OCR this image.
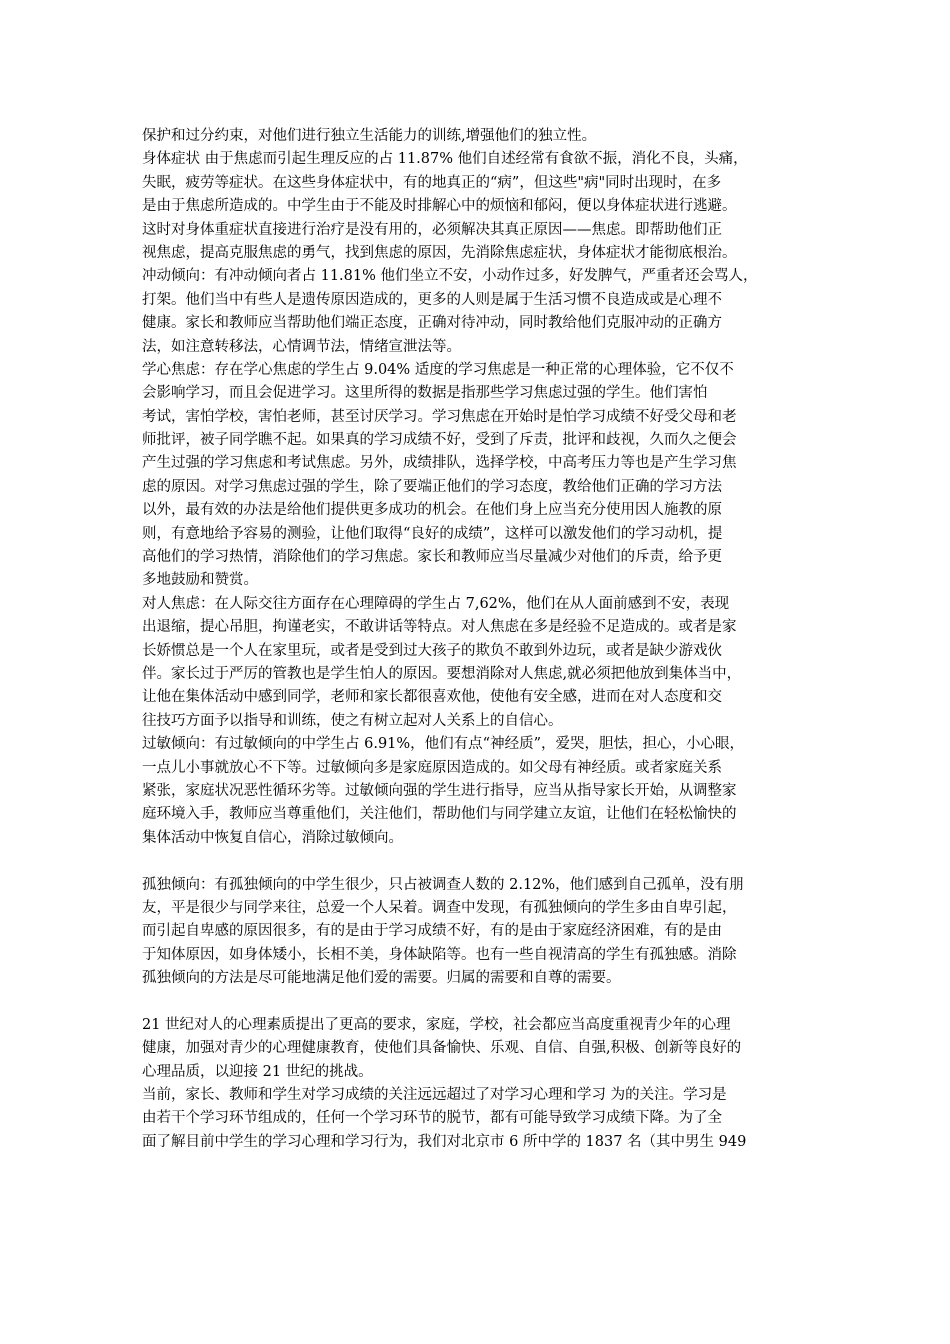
保护和过分约束，对他们进行独立生活能力的训练,增强他们的独立性。
身体症状 由于焦虑而引起生理反应的占 11.87% 他们自述经常有食欲不振，消化不良，头痛，
失眠，疲劳等症状。在这些身体症状中，有的地真正的“病”，但这些"病"同时出现时，在多
是由于焦虑所造成的。中学生由于不能及时排解心中的烦恼和郁闷，便以身体症状进行逃避。
这时对身体重症状直接进行治疗是没有用的，必须解决其真正原因——焦虑。即帮助他们正
视焦虑，提高克服焦虑的勇气，找到焦虑的原因，先消除焦虑症状，身体症状才能彻底根治。
冲动倾向：有冲动倾向者占 11.81% 他们坐立不安，小动作过多，好发脾气，严重者还会骂人，
打架。他们当中有些人是遗传原因造成的，更多的人则是属于生活习惯不良造成或是心理不
健康。家长和教师应当帮助他们端正态度，正确对待冲动，同时教给他们克服冲动的正确方
法，如注意转移法，心情调节法，情绪宣泄法等。
学心焦虑：存在学心焦虑的学生占 9.04% 适度的学习焦虑是一种正常的心理体验，它不仅不
会影响学习，而且会促进学习。这里所得的数据是指那些学习焦虑过强的学生。他们害怕
考试，害怕学校，害怕老师，甚至讨厌学习。学习焦虑在开始时是怕学习成绩不好受父母和老
师批评，被子同学瞧不起。如果真的学习成绩不好，受到了斥责，批评和歧视，久而久之便会
产生过强的学习焦虑和考试焦虑。另外，成绩排队，选择学校，中高考压力等也是产生学习焦
虑的原因。对学习焦虑过强的学生，除了要端正他们的学习态度，教给他们正确的学习方法
以外，最有效的办法是给他们提供更多成功的机会。在他们身上应当充分使用因人施教的原
则，有意地给予容易的测验，让他们取得“良好的成绩”，这样可以激发他们的学习动机，提
高他们的学习热情，消除他们的学习焦虑。家长和教师应当尽量减少对他们的斥责，给予更
多地鼓励和赞赏。
对人焦虑：在人际交往方面存在心理障碍的学生占 7,62%，他们在从人面前感到不安，表现
出退缩，提心吊胆，拘谨老实，不敢讲话等特点。对人焦虑在多是经验不足造成的。或者是家
长娇惯总是一个人在家里玩，或者是受到过大孩子的欺负不敢到外边玩，或者是缺少游戏伙
伴。家长过于严厉的管教也是学生怕人的原因。要想消除对人焦虑,就必须把他放到集体当中，
让他在集体活动中感到同学，老师和家长都很喜欢他，使他有安全感，进而在对人态度和交
往技巧方面予以指导和训练，使之有树立起对人关系上的自信心。
过敏倾向：有过敏倾向的中学生占 6.91%，他们有点“神经质”，爱哭，胆怯，担心，小心眼，
一点儿小事就放心不下等。过敏倾向多是家庭原因造成的。如父母有神经质。或者家庭关系
紧张，家庭状况恶性循环劣等。过敏倾向强的学生进行指导，应当从指导家长开始，从调整家
庭环境入手，教师应当尊重他们，关注他们，帮助他们与同学建立友谊，让他们在轻松愉快的
集体活动中恢复自信心，消除过敏倾向。
孤独倾向：有孤独倾向的中学生很少，只占被调查人数的 2.12%，他们感到自己孤单，没有朋
友，平是很少与同学来往，总爱一个人呆着。调查中发现，有孤独倾向的学生多由自卑引起，
而引起自卑感的原因很多，有的是由于学习成绩不好，有的是由于家庭经济困难，有的是由
于知体原因，如身体矮小，长相不美，身体缺陷等。也有一些自视清高的学生有孤独感。消除
孤独倾向的方法是尽可能地满足他们爱的需要。归属的需要和自尊的需要。
21 世纪对人的心理素质提出了更高的要求，家庭，学校，社会都应当高度重视青少年的心理
健康，加强对青少的心理健康教育，使他们具备愉快、乐观、自信、自强,积极、创新等良好的
心理品质，以迎接 21 世纪的挑战。
当前，家长、教师和学生对学习成绩的关注远远超过了对学习心理和学习 为的关注。学习是
由若干个学习环节组成的，任何一个学习环节的脱节，都有可能导致学习成绩下降。为了全
面了解目前中学生的学习心理和学习行为，我们对北京市 6 所中学的 1837 名（其中男生 949
